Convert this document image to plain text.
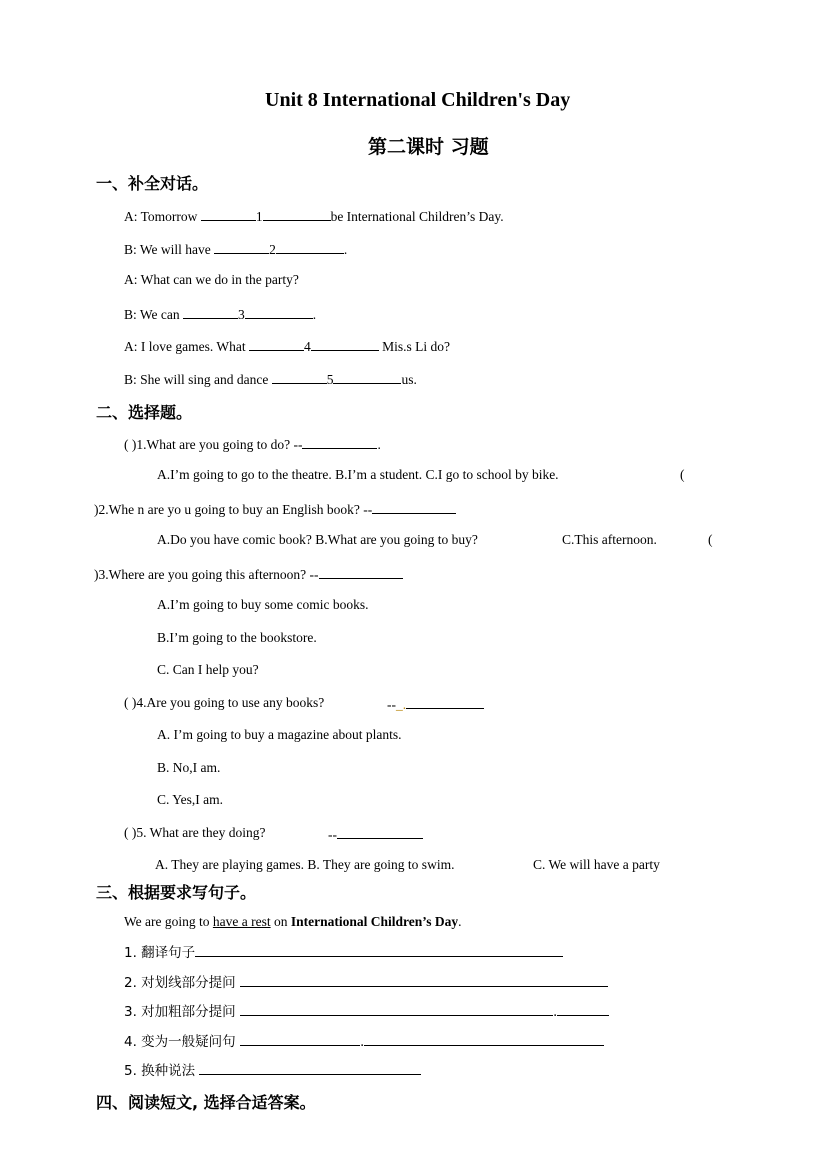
Unit 8 International Children's Day
第二课时 习题
一、补全对话。
A: Tomorrow	1	be International Children’s Day.
B: We will have	2	.
A: What can we do in the party?
B: We can	3	.
A: I love games. What	4	Mis.s Li do?
B: She will sing and dance	5	us.
二、选择题。
( )1.What are you going to do? --	.
A.I’m going to go to the theatre. B.I’m a student. C.I go to school by bike.	(
)2.Whe n are yo u going to buy an English book? --
A.Do you have comic book? B.What are you going to buy?	C.This afternoon.	(
)3.Where are you going this afternoon? --
A.I’m going to buy some comic books.
B.I’m going to the bookstore.
C. Can I help you?
( )4.Are you going to use any books?	--_.
A. I’m going to buy a magazine about plants.
B. No,I am.
C. Yes,I am.
( )5. What are they doing?	--
A. They are playing games. B. They are going to swim.	C. We will have a party
三、根据要求写句子。
We are going to have a rest on International Children’s Day.
1. 翻译句子
2. 对划线部分提问
3. 对加粗部分提问	.
4. 变为一般疑问句	.
5. 换种说法
四、阅读短文, 选择合适答案。
